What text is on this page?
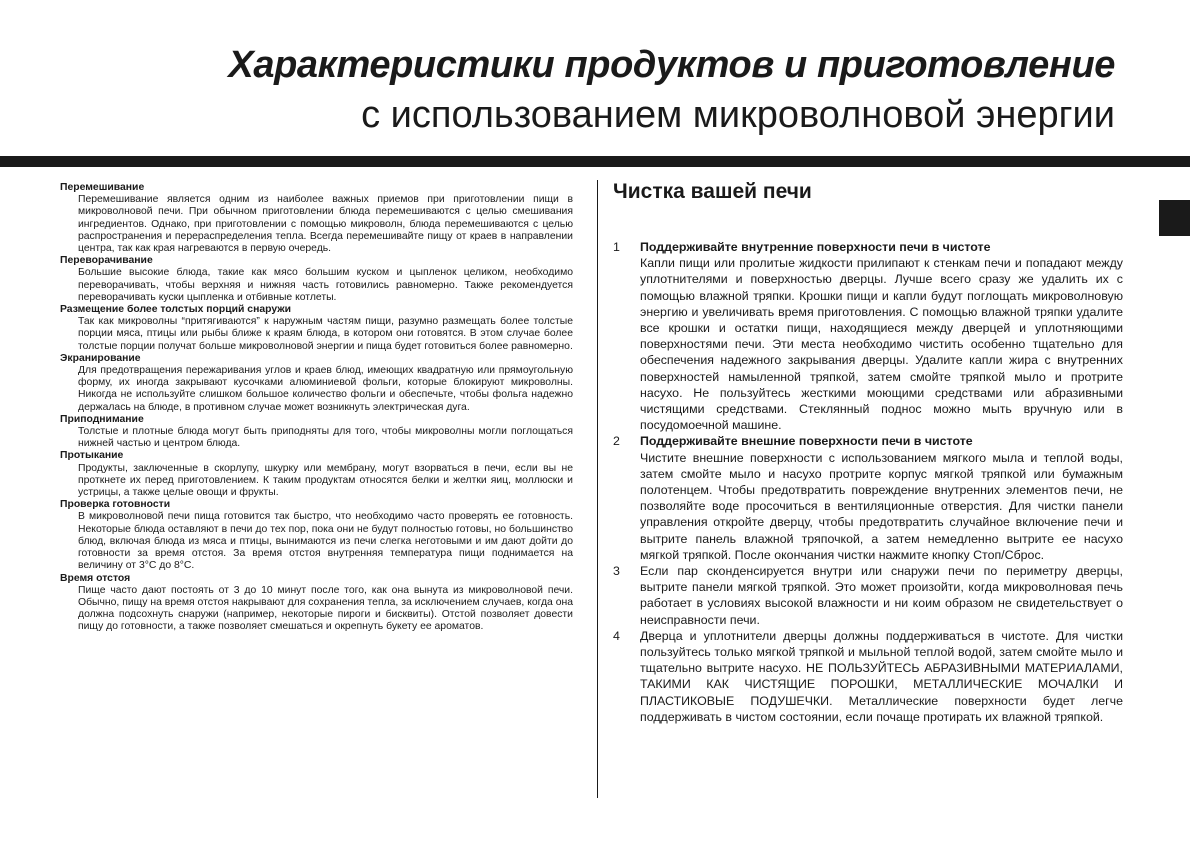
Характеристики продуктов и приготовление
с использованием микроволновой энергии

Перемешивание

Перемешивание является одним из наиболее важных приемов при приготовлении пищи в микроволновой печи. При обычном приготовлении блюда перемешиваются с целью смешивания ингредиентов. Однако, при приготовлении с помощью микроволн, блюда перемешиваются с целью распространения и перераспределения тепла. Всегда перемешивайте пищу от краев в направлении центра, так как края нагреваются в первую очередь.

Переворачивание

Большие высокие блюда, такие как мясо большим куском и цыпленок целиком, необходимо переворачивать, чтобы верхняя и нижняя часть готовились равномерно. Также рекомендуется переворачивать куски цыпленка и отбивные котлеты.

Размещение более толстых порций снаружи

Так как микроволны “притягиваются” к наружным частям пищи, разумно размещать более толстые порции мяса, птицы или рыбы ближе к краям блюда, в котором они готовятся. В этом случае более толстые порции получат больше микроволновой энергии и пища будет готовиться более равномерно.

Экранирование

Для предотвращения пережаривания углов и краев блюд, имеющих квадратную или прямоугольную форму, их иногда закрывают кусочками алюминиевой фольги, которые блокируют микроволны. Никогда не используйте слишком большое количество фольги и обеспечьте, чтобы фольга надежно держалась на блюде, в противном случае может возникнуть электрическая дуга.

Приподнимание

Толстые и плотные блюда могут быть приподняты для того, чтобы микроволны могли поглощаться нижней частью и центром блюда.

Протыкание

Продукты, заключенные в скорлупу, шкурку или мембрану, могут взорваться в печи, если вы не проткнете их перед приготовлением. К таким продуктам относятся белки и желтки яиц, моллюски и устрицы, а также целые овощи и фрукты.

Проверка готовности

В микроволновой печи пища готовится так быстро, что необходимо часто проверять ее готовность. Некоторые блюда оставляют в печи до тех пор, пока они не будут полностью готовы, но большинство блюд, включая блюда из мяса и птицы, вынимаются из печи слегка неготовыми и им дают дойти до готовности за время отстоя. За время отстоя внутренняя температура пищи поднимается на величину от 3°C до 8°C.

Время отстоя

Пище часто дают постоять от 3 до 10 минут после того, как она вынута из микроволновой печи. Обычно, пищу на время отстоя накрывают для сохранения тепла, за исключением случаев, когда она должна подсохнуть снаружи (например, некоторые пироги и бисквиты). Отстой позволяет довести пищу до готовности, а также позволяет смешаться и окрепнуть букету ее ароматов.

Чистка вашей печи
1 Поддерживайте внутренние поверхности печи в чистоте

Капли пищи или пролитые жидкости прилипают к стенкам печи и попадают между уплотнителями и поверхностью дверцы. Лучше всего сразу же удалить их с помощью влажной тряпки. Крошки пищи и капли будут поглощать микроволновую энергию и увеличивать время приготовления. С помощью влажной тряпки удалите все крошки и остатки пищи, находящиеся между дверцей и уплотняющими поверхностями печи. Эти места необходимо чистить особенно тщательно для обеспечения надежного закрывания дверцы. Удалите капли жира с внутренних поверхностей намыленной тряпкой, затем смойте тряпкой мыло и протрите насухо. Не пользуйтесь жесткими моющими средствами или абразивными чистящими средствами. Стеклянный поднос можно мыть вручную или в посудомоечной машине.

2 Поддерживайте внешние поверхности печи в чистоте

Чистите внешние поверхности с использованием мягкого мыла и теплой воды, затем смойте мыло и насухо протрите корпус мягкой тряпкой или бумажным полотенцем. Чтобы предотвратить повреждение внутренних элементов печи, не позволяйте воде просочиться в вентиляционные отверстия. Для чистки панели управления откройте дверцу, чтобы предотвратить случайное включение печи и вытрите панель влажной тряпочкой, а затем немедленно вытрите ее насухо мягкой тряпкой. После окончания чистки нажмите кнопку Стоп/Сброс.

3 Если пар сконденсируется внутри или снаружи печи по периметру дверцы, вытрите панели мягкой тряпкой. Это может произойти, когда микроволновая печь работает в условиях высокой влажности и ни коим образом не свидетельствует о неисправности печи.

4 Дверца и уплотнители дверцы должны поддерживаться в чистоте. Для чистки пользуйтесь только мягкой тряпкой и мыльной теплой водой, затем смойте мыло и тщательно вытрите насухо. НЕ ПОЛЬЗУЙТЕСЬ АБРАЗИВНЫМИ МАТЕРИАЛАМИ, ТАКИМИ КАК ЧИСТЯЩИЕ ПОРОШКИ, МЕТАЛЛИЧЕСКИЕ МОЧАЛКИ И ПЛАСТИКОВЫЕ ПОДУШЕЧКИ. Металлические поверхности будет легче поддерживать в чистом состоянии, если почаще протирать их влажной тряпкой.
